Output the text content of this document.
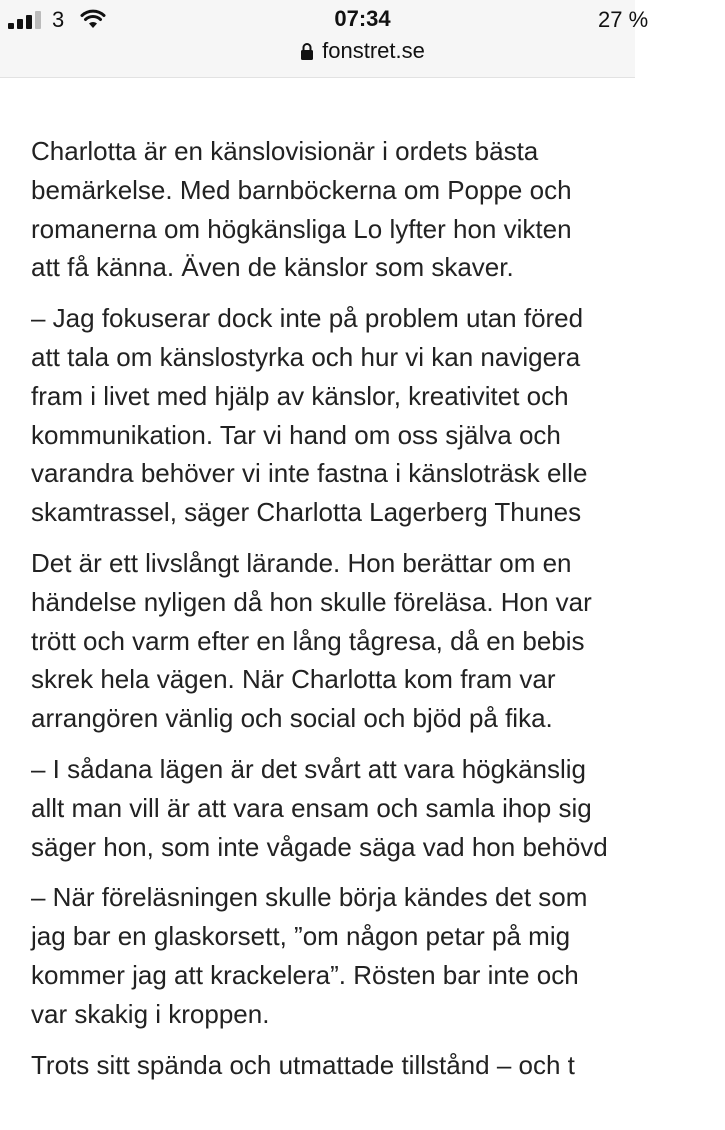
3	07:34	27 %
fonstret.se

Charlotta är en känslovisionär i ordets bästa
bemärkelse. Med barnböckerna om Poppe och
romanerna om högkänsliga Lo lyfter hon vikten
att få känna. Även de känslor som skaver.

– Jag fokuserar dock inte på problem utan föred
att tala om känslostyrka och hur vi kan navigera
fram i livet med hjälp av känslor, kreativitet och
kommunikation. Tar vi hand om oss själva och
varandra behöver vi inte fastna i känsloträsk elle
skamtrassel, säger Charlotta Lagerberg Thunes

Det är ett livslångt lärande. Hon berättar om en
händelse nyligen då hon skulle föreläsa. Hon var
trött och varm efter en lång tågresa, då en bebis
skrek hela vägen. När Charlotta kom fram var
arrangören vänlig och social och bjöd på fika.

– I sådana lägen är det svårt att vara högkänslig
allt man vill är att vara ensam och samla ihop sig
säger hon, som inte vågade säga vad hon behövd

– När föreläsningen skulle börja kändes det som
jag bar en glaskorsett, ”om någon petar på mig
kommer jag att krackelera”. Rösten bar inte och
var skakig i kroppen.

Trots sitt spända och utmattade tillstånd – och t
